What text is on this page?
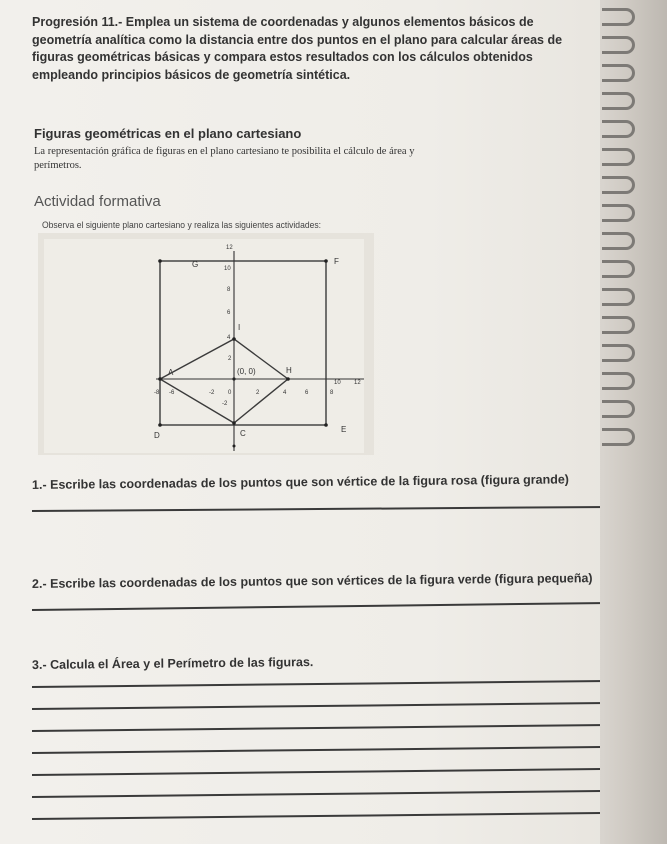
Progresión 11.- Emplea un sistema de coordenadas y algunos elementos básicos de geometría analítica como la distancia entre dos puntos en el plano para calcular áreas de figuras geométricas básicas y compara estos resultados con los cálculos obtenidos empleando principios básicos de geometría sintética.
Figuras geométricas en el plano cartesiano
La representación gráfica de figuras en el plano cartesiano te posibilita el cálculo de área y perímetros.
Actividad formativa
Observa el siguiente plano cartesiano y realiza las siguientes actividades:
-8 -6	-2 0	2	4	6	8
10 12
12
10
8
6
4
2
-2
G	F
I
A	(0, 0)	H
D	C	E
1.- Escribe las coordenadas de los puntos que son vértice de la figura rosa (figura grande)
2.- Escribe las coordenadas de los puntos que son vértices de la figura verde (figura pequeña)
3.- Calcula el Área y el Perímetro de las figuras.
